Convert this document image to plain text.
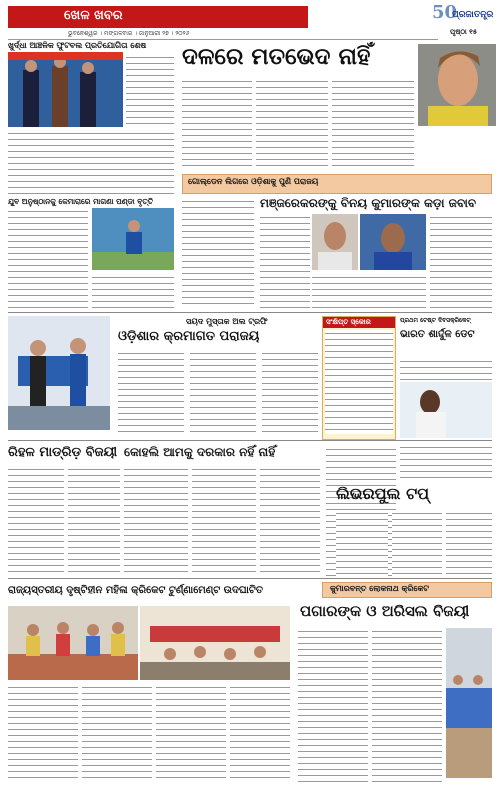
ଖେଳ ଖବର	50
ପ୍ରଜାତନ୍ତ୍ର
ଭୁବନେଶ୍ୱର । ମଙ୍ଗଳବାର । ଜାନୁଆରୀ ୨୭ । ୨୦୨୬	ପୃଷ୍ଠା ୧୫
ଖୁର୍ଦ୍ଧା ଆଞ୍ଚଳିକ ଫୁଟବଲ ପ୍ରତିଯୋଗିତା ଶେଷ	ଦଳରେ ମତଭେଦ ନାହିଁ
ଯୁବ ଅନୁଷ୍ଠାନକୁ କେମାରାରେ ମାଗଣା ପଣ୍ଡା ବୃତ୍ତି
ଗୋଲ୍‌ଡେନ ଲିଗରେ ଓଡ଼ିଶାକୁ ପୁଣି ପରାଜୟ
ମଞ୍ଜରେକରଙ୍କୁ ବିନୟ କୁମାରଙ୍କ କଡ଼ା ଜବାବ
ସୟଦ ମୁସ୍ତାକ ଅଲ ଟ୍ରଫି
ଓଡ଼ିଶାର କ୍ରମାଗତ ପରାଜୟ
ସଂକ୍ଷିପ୍ତ ସ୍କୋର	ପ୍ରଥମ ଟେଷ୍ଟ ଦିବସକ୍ରିକେଟ୍
ଭାରତ ଶାର୍ଦ୍ଦୁଳ ଡେଟ
ରିହଳ ମାଡ୍ରିଡ଼ ବିଜୟୀ କୋହଲି ଆମକୁ ଦରକାର ନହିଁ ନାହିଁ
ଲିଭରପୁଲ ଟପ୍
ରାଜ୍ୟସ୍ତରୀୟ ଦୃଷ୍ଟିହୀନ ମହିଳା କ୍ରିକେଟ ଟୁର୍ଣ୍ଣାମେଣ୍ଟ ଉଦଘାଟିତ	କୁମାରବନ୍ତ ଲୋକନାଥ କ୍ରିକେଟ
ପଗାରଙ୍କ ଓ ଅରିସଲ ବିଜୟୀ
